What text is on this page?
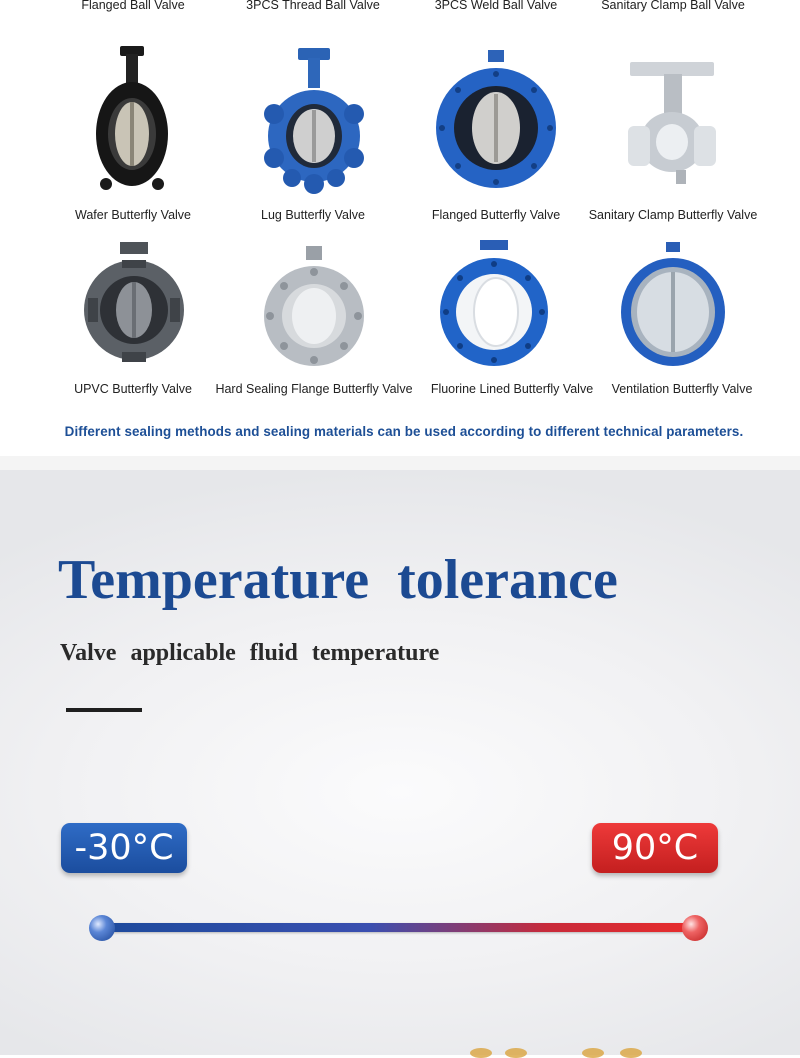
Flanged Ball Valve	3PCS Thread Ball Valve	3PCS Weld Ball Valve	Sanitary Clamp Ball Valve
Wafer Butterfly Valve	Lug Butterfly Valve	Flanged Butterfly Valve	Sanitary Clamp Butterfly Valve
UPVC Butterfly Valve	Hard Sealing Flange Butterfly Valve	Fluorine Lined Butterfly Valve	Ventilation Butterfly Valve
Different sealing methods and sealing materials can be used according to different technical parameters.
Temperature tolerance
Valve applicable fluid temperature
-30°C	90°C
